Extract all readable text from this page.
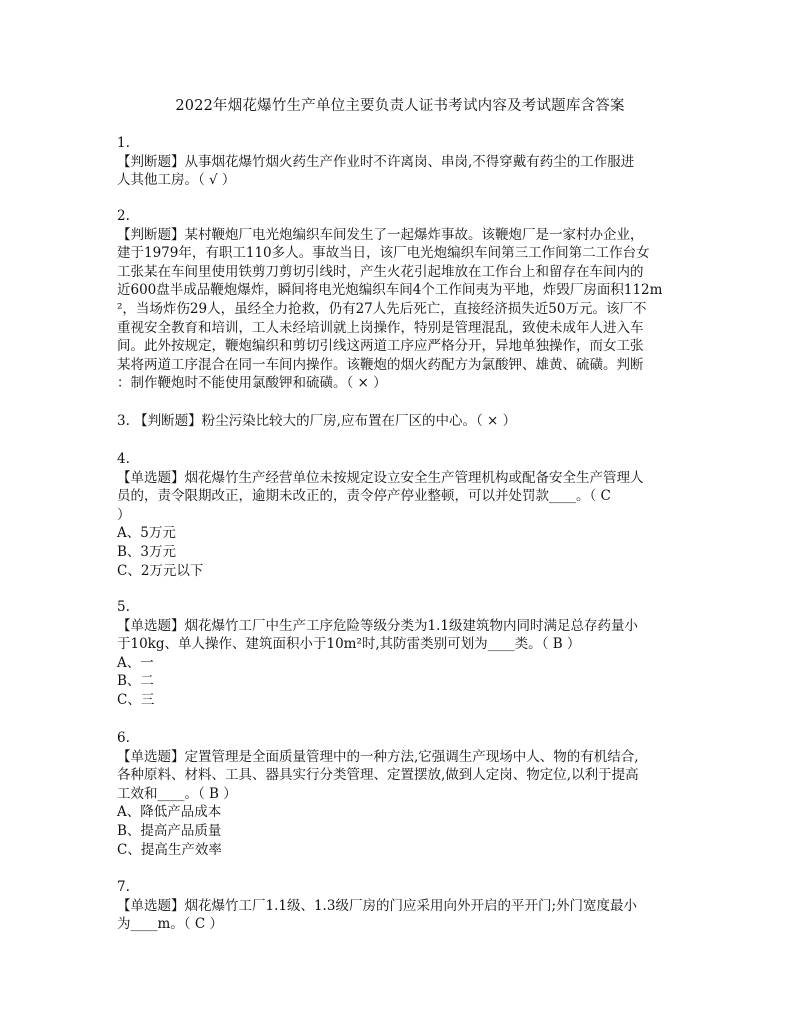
2022年烟花爆竹生产单位主要负责人证书考试内容及考试题库含答案
1.
【判断题】从事烟花爆竹烟火药生产作业时不许离岗、串岗,不得穿戴有药尘的工作服进
人其他工房。（ √ ）
2.
【判断题】某村鞭炮厂电光炮编织车间发生了一起爆炸事故。该鞭炮厂是一家村办企业，
建于1979年，有职工110多人。事故当日，该厂电光炮编织车间第三工作间第二工作台女
工张某在车间里使用铁剪刀剪切引线时，产生火花引起堆放在工作台上和留存在车间内的
近600盘半成品鞭炮爆炸，瞬间将电光炮编织车间4个工作间夷为平地，炸毁厂房面积112m
²，当场炸伤29人，虽经全力抢救，仍有27人先后死亡，直接经济损失近50万元。该厂不
重视安全教育和培训，工人未经培训就上岗操作，特别是管理混乱，致使未成年人进入车
间。此外按规定，鞭炮编织和剪切引线这两道工序应严格分开，异地单独操作，而女工张
某将两道工序混合在同一车间内操作。该鞭炮的烟火药配方为氯酸钾、雄黄、硫磺。判断
：制作鞭炮时不能使用氯酸钾和硫磺。（ × ）
3. 【判断题】粉尘污染比较大的厂房,应布置在厂区的中心。（ × ）
4.
【单选题】烟花爆竹生产经营单位未按规定设立安全生产管理机构或配备安全生产管理人
员的，责令限期改正，逾期未改正的，责令停产停业整顿，可以并处罚款____。（ C
）
A、5万元
B、3万元
C、2万元以下
5.
【单选题】烟花爆竹工厂中生产工序危险等级分类为1.1级建筑物内同时满足总存药量小
于10kg、单人操作、建筑面积小于10m²时,其防雷类别可划为____类。（ B ）
A、一
B、二
C、三
6.
【单选题】定置管理是全面质量管理中的一种方法,它强调生产现场中人、物的有机结合,
各种原料、材料、工具、器具实行分类管理、定置摆放,做到人定岗、物定位,以利于提高
工效和____。（ B ）
A、降低产品成本
B、提高产品质量
C、提高生产效率
7.
【单选题】烟花爆竹工厂1.1级、1.3级厂房的门应采用向外开启的平开门;外门宽度最小
为____m。（ C ）
